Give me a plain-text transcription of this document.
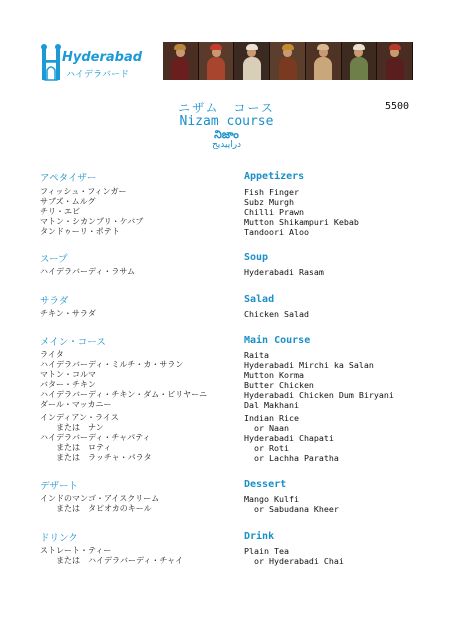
Hyderabad
ハイデラバード
ニザム　コース
Nizam course
నిజాం
دراییدیح
5500
アペタイザー	Appetizers
フィッシュ・フィンガー
サブズ・ムルグ
チリ・エビ
マトン・シカンプリ・ケバブ
タンドゥーリ・ポテト
Fish Finger
Subz Murgh
Chilli Prawn
Mutton Shikampuri Kebab
Tandoori Aloo
スープ	Soup
ハイデラバーディ・ラサム	Hyderabadi Rasam
サラダ	Salad
チキン・サラダ	Chicken Salad
メイン・コース	Main Course
ライタ
ハイデラバーディ・ミルチ・カ・サラン
マトン・コルマ
バター・チキン
ハイデラバーディ・チキン・ダム・ビリヤーニ
ダール・マッカニー
Raita
Hyderabadi Mirchi ka Salan
Mutton Korma
Butter Chicken
Hyderabadi Chicken Dum Biryani
Dal Makhani
インディアン・ライス
　　または　ナン
ハイデラバーディ・チャパティ
　　または　ロティ
　　または　ラッチャ・パラタ
Indian Rice
or Naan
Hyderabadi Chapati
or Roti
or Lachha Paratha
デザート	Dessert
インドのマンゴ・アイスクリーム
　　または　タピオカのキール
Mango Kulfi
or Sabudana Kheer
ドリンク	Drink
ストレート・ティー
　　または　ハイデラバーディ・チャイ
Plain Tea
or Hyderabadi Chai
